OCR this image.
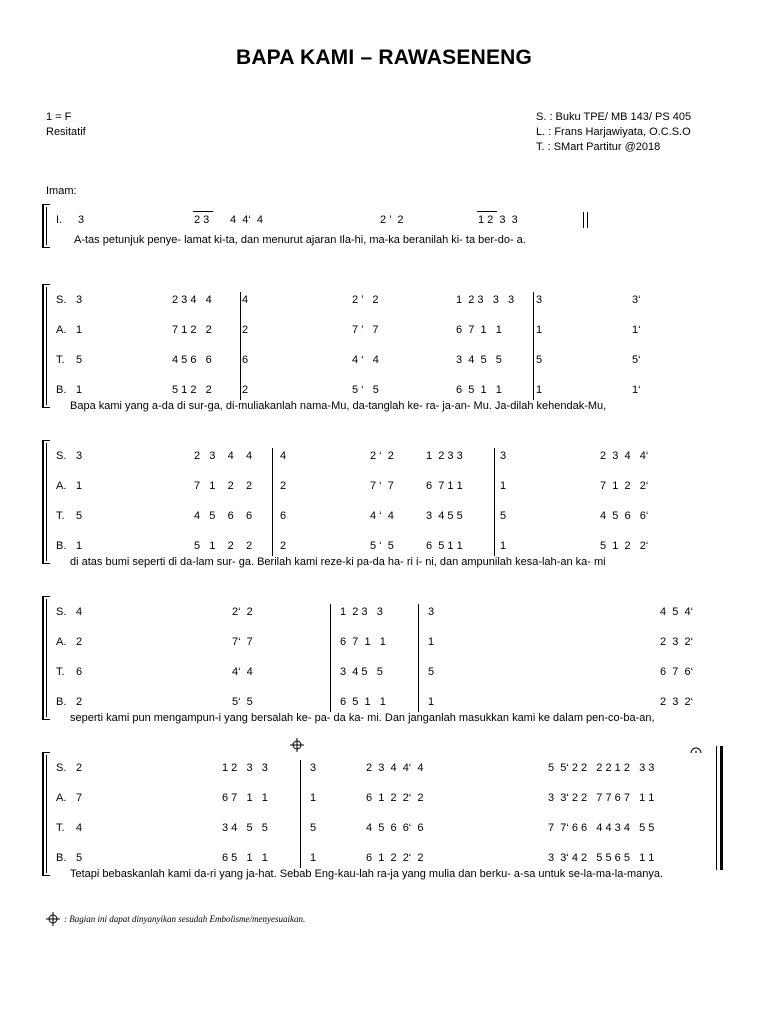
BAPA KAMI – RAWASENENG
1 = F
Resitatif
S. : Buku TPE/ MB 143/ PS 405
L. : Frans Harjawiyata, O.C.S.O
T. : SMart Partitur @2018
Imam:
I. 3	2 3 4  4‘  4	2 ’  2	1 2  3  3
A-tas petunjuk penye- lamat ki-ta, dan menurut ajaran Ila-hi, ma-ka beranilah ki- ta ber-do- a.
S. 3	2 3 4   4	4	2 ’   2	1  2 3   3   3 3	3‘
A. 1	7 1 2   2	2	7 ’   7	6  7  1   1	1	1‘
T. 5	4 5 6   6	6	4 ‘   4	3  4  5   5	5	5‘
B. 1	5 1 2   2	2	5 ‘   5	6  5  1   1	1	1‘
Bapa kami yang a-da di sur-ga, di-muliakanlah nama-Mu, da-tanglah ke- ra- ja-an- Mu. Ja-dilah kehendak-Mu,
S. 3	2   3    4    4	4	2 ‘  2	1  2 3 3	3	2  3  4   4‘
A. 1	7   1    2    2	2	7 ‘  7	6  7 1 1	1	7  1  2   2‘
T. 5	4   5    6    6	6	4 ‘  4	3  4 5 5	5	4  5  6   6‘
B. 1	5   1    2    2	2	5 ‘  5	6  5 1 1	1	5  1  2   2‘
di atas bumi seperti di da-lam sur- ga. Berilah kami reze-ki pa-da ha- ri i- ni, dan ampunilah kesa-lah-an ka- mi
S. 4	2‘  2	1  2 3   3	3	4  5  4‘
A. 2	7‘  7	6  7  1   1	1	2  3  2‘
T. 6	4‘  4	3  4 5   5	5	6  7  6‘
B. 2	5‘  5	6  5  1   1	1	2  3  2‘
seperti kami pun mengampun-i yang bersalah ke- pa- da ka- mi. Dan janganlah masukkan kami ke dalam pen-co-ba-an,
S. 2	1 2   3   3	3	2  3  4  4‘  4	5  5‘ 2 2   2 2 1 2   3 3
A. 7	6 7   1   1	1	6  1  2  2‘  2	3  3‘ 2 2   7 7 6 7   1 1
T. 4	3 4   5   5	5	4  5  6  6‘  6	7  7‘ 6 6   4 4 3 4   5 5
B. 5	6 5   1   1	1	6  1  2  2‘  2	3  3‘ 4 2   5 5 6 5   1 1
Tetapi bebaskanlah kami da-ri yang ja-hat. Sebab Eng-kau-lah ra-ja yang mulia dan berku- a-sa untuk se-la-ma-la-manya.
: Bagian ini dapat dinyanyikan sesudah Embolisme/menyesuaikan.
